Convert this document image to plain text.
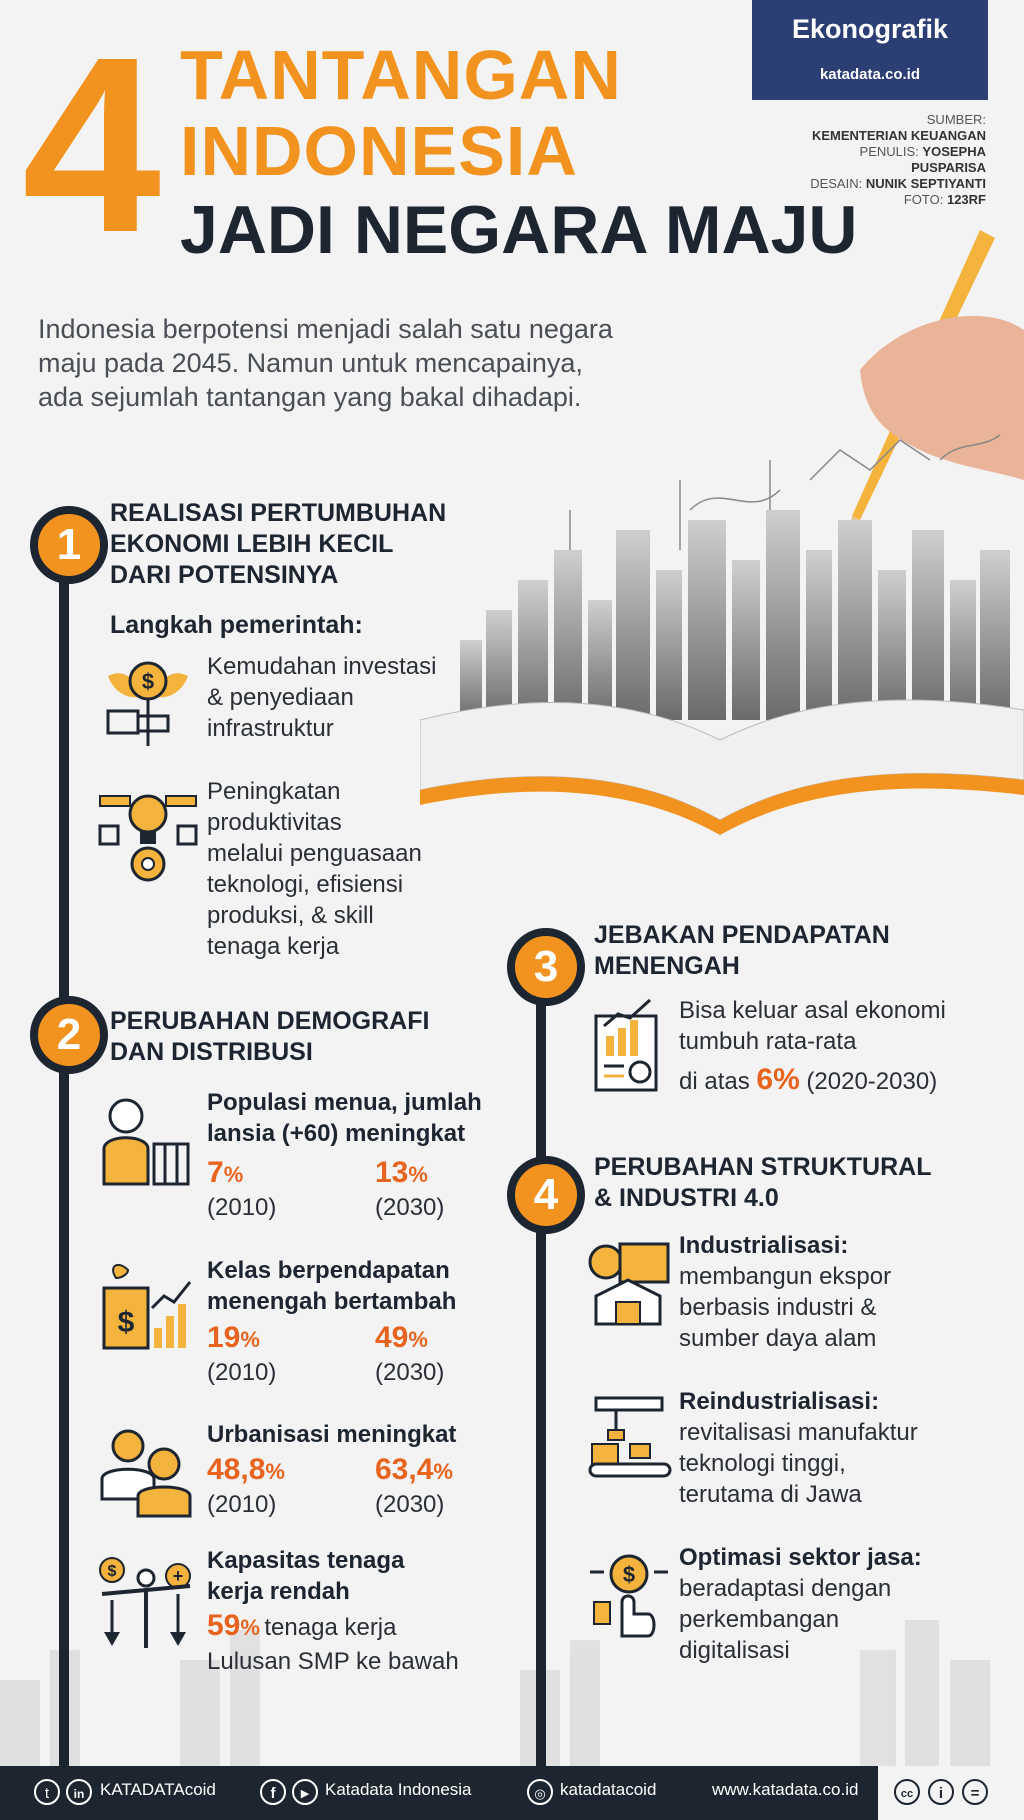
4 TANTANGAN
INDONESIA
JADI NEGARA MAJU
Ekonografik
katadata.co.id
SUMBER:
KEMENTERIAN KEUANGAN
PENULIS: YOSEPHA PUSPARISA
DESAIN: NUNIK SEPTIYANTI
FOTO: 123RF
Indonesia berpotensi menjadi salah satu negara
maju pada 2045. Namun untuk mencapainya,
ada sejumlah tantangan yang bakal dihadapi.
1
REALISASI PERTUMBUHAN
EKONOMI LEBIH KECIL
DARI POTENSINYA
Langkah pemerintah:
$
Kemudahan investasi
& penyediaan
infrastruktur
Peningkatan
produktivitas
melalui penguasaan
teknologi, efisiensi
produksi, & skill
tenaga kerja
2	PERUBAHAN DEMOGRAFI
DAN DISTRIBUSI
Populasi menua, jumlah
lansia (+60) meningkat
7%
(2010)
13%
(2030)
$
Kelas berpendapatan
menengah bertambah
19%
(2010)
49%
(2030)
Urbanisasi meningkat
48,8%
(2010)
63,4%
(2030)
$	+
Kapasitas tenaga
kerja rendah
59% tenaga kerja
Lulusan SMP ke bawah
3
JEBAKAN PENDAPATAN
MENENGAH
Bisa keluar asal ekonomi
tumbuh rata-rata
di atas 6% (2020-2030)
4
PERUBAHAN STRUKTURAL
& INDUSTRI 4.0
Industrialisasi:
membangun ekspor
berbasis industri &
sumber daya alam
Reindustrialisasi:
revitalisasi manufaktur
teknologi tinggi,
terutama di Jawa
$
Optimasi sektor jasa:
beradaptasi dengan
perkembangan
digitalisasi
t	in KATADATAcoid	f	▶ Katadata Indonesia	◎ katadatacoid	www.katadata.co.id	cc	i	=
